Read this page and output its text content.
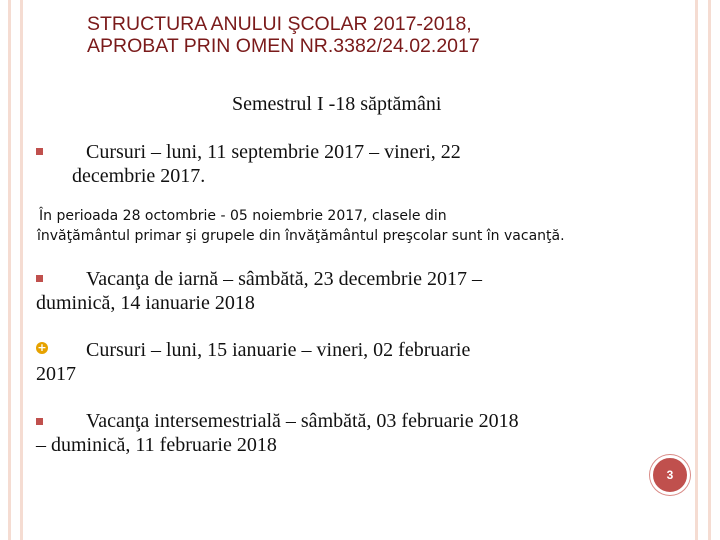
STRUCTURA ANULUI ŞCOLAR 2017-2018,
APROBAT PRIN OMEN NR.3382/24.02.2017
Semestrul I -18 săptămâni
Cursuri – luni, 11 septembrie 2017 – vineri, 22
decembrie 2017.
În perioada 28 octombrie - 05 noiembrie 2017, clasele din
învăţământul primar şi grupele din învăţământul preşcolar sunt în vacanţă.
Vacanţa de iarnă – sâmbătă, 23 decembrie 2017 –
duminică, 14 ianuarie 2018
+	Cursuri – luni, 15 ianuarie – vineri, 02 februarie
2017
Vacanţa intersemestrială – sâmbătă, 03 februarie 2018
– duminică, 11 februarie 2018
3
